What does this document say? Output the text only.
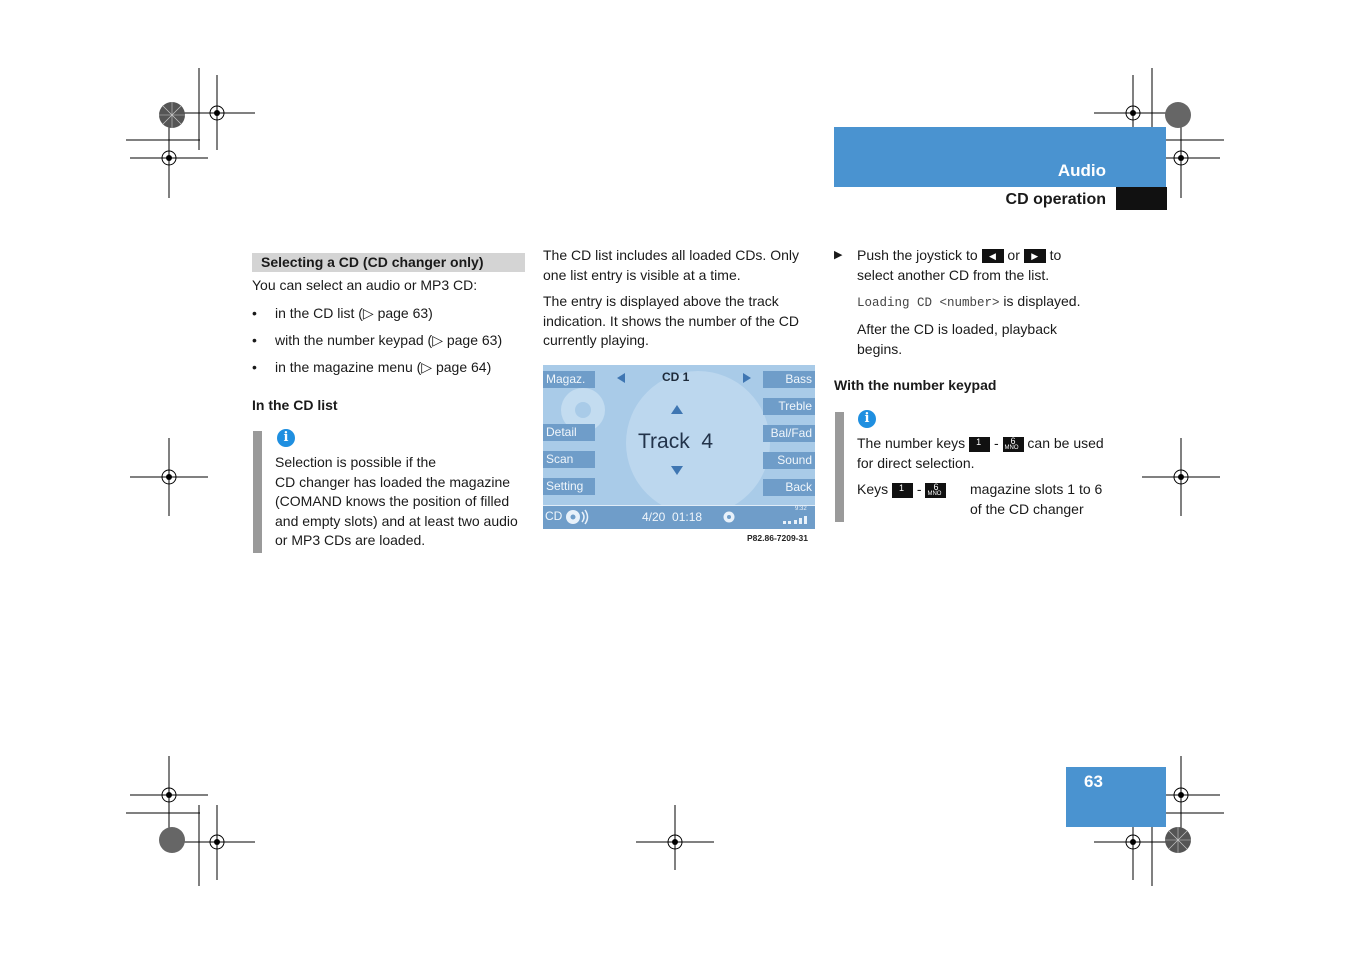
Audio
CD operation
Selecting a CD (CD changer only)
You can select an audio or MP3 CD:
• in the CD list (▷ page 63)
• with the number keypad (▷ page 63)
• in the magazine menu (▷ page 64)
In the CD list
i
Selection is possible if the
CD changer has loaded the magazine
(COMAND knows the position of filled
and empty slots) and at least two audio
or MP3 CDs are loaded.
The CD list includes all loaded CDs. Only
one list entry is visible at a time.
The entry is displayed above the track
indication. It shows the number of the CD
currently playing.
Magaz.
Detail
Scan
Setting
Bass
Treble
Bal/Fad
Sound
Back
CD 1
Track  4
CD	4/20  01:18
9:32
P82.86-7209-31
▶	Push the joystick to ◀ or ▶ to
select another CD from the list.
Loading CD <number> is displayed.
After the CD is loaded, playback
begins.
With the number keypad
i
The number keys 1 - 6
MNO can be used
for direct selection.
Keys 1 - 6
MNO magazine slots 1 to 6
of the CD changer
63
